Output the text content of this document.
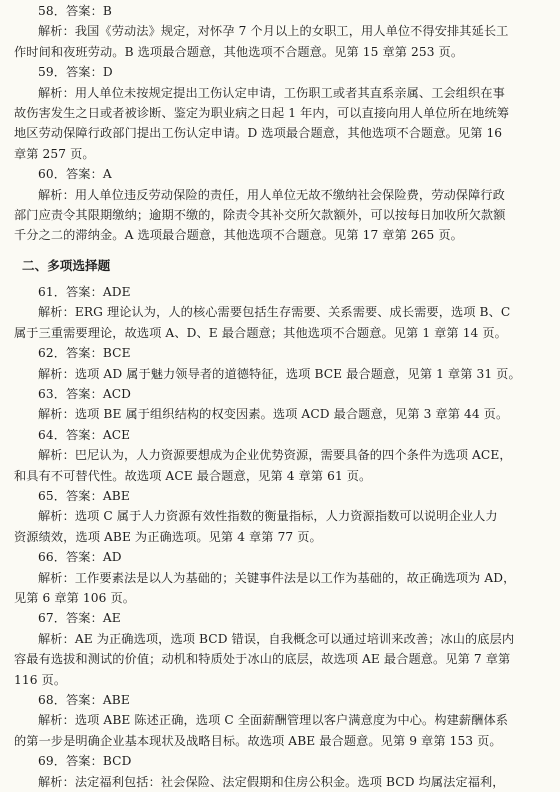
58．答案：B
解析：我国《劳动法》规定，对怀孕 7 个月以上的女职工，用人单位不得安排其延长工
作时间和夜班劳动。B 选项最合题意，其他选项不合题意。见第 15 章第 253 页。
59．答案：D
解析：用人单位未按规定提出工伤认定申请，工伤职工或者其直系亲属、工会组织在事
故伤害发生之日或者被诊断、鉴定为职业病之日起 1 年内，可以直接向用人单位所在地统筹
地区劳动保障行政部门提出工伤认定申请。D 选项最合题意，其他选项不合题意。见第 16
章第 257 页。
60．答案：A
解析：用人单位违反劳动保险的责任，用人单位无故不缴纳社会保险费，劳动保障行政
部门应责令其限期缴纳；逾期不缴的，除责令其补交所欠款额外，可以按每日加收所欠款额
千分之二的滞纳金。A 选项最合题意，其他选项不合题意。见第 17 章第 265 页。
二、多项选择题
61．答案：ADE
解析：ERG 理论认为，人的核心需要包括生存需要、关系需要、成长需要，选项 B、C
属于三重需要理论，故选项 A、D、E 最合题意；其他选项不合题意。见第 1 章第 14 页。
62．答案：BCE
解析：选项 AD 属于魅力领导者的道德特征，选项 BCE 最合题意，见第 1 章第 31 页。
63．答案：ACD
解析：选项 BE 属于组织结构的权变因素。选项 ACD 最合题意，见第 3 章第 44 页。
64．答案：ACE
解析：巴尼认为，人力资源要想成为企业优势资源，需要具备的四个条件为选项 ACE，
和具有不可替代性。故选项 ACE 最合题意，见第 4 章第 61 页。
65．答案：ABE
解析：选项 C 属于人力资源有效性指数的衡量指标，人力资源指数可以说明企业人力
资源绩效，选项 ABE 为正确选项。见第 4 章第 77 页。
66．答案：AD
解析：工作要素法是以人为基础的；关键事件法是以工作为基础的，故正确选项为 AD，
见第 6 章第 106 页。
67．答案：AE
解析：AE 为正确选项，选项 BCD 错误，自我概念可以通过培训来改善；冰山的底层内
容最有选拔和测试的价值；动机和特质处于冰山的底层，故选项 AE 最合题意。见第 7 章第
116 页。
68．答案：ABE
解析：选项 ABE 陈述正确，选项 C 全面薪酬管理以客户满意度为中心。构建薪酬体系
的第一步是明确企业基本现状及战略目标。故选项 ABE 最合题意。见第 9 章第 153 页。
69．答案：BCD
解析：法定福利包括：社会保险、法定假期和住房公积金。选项 BCD 均属法定福利，
